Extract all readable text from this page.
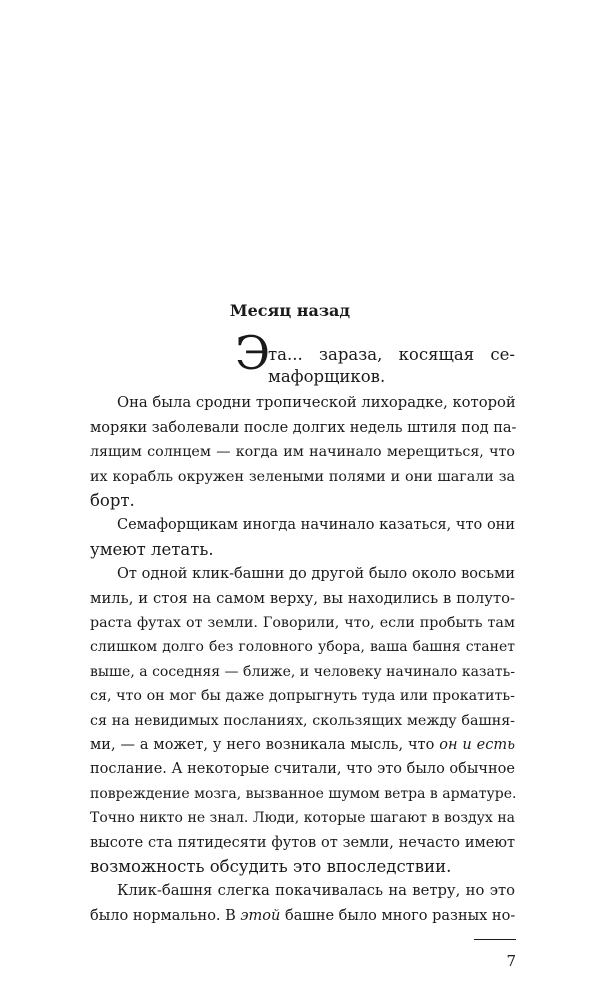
Месяц назад
Э
та... зараза, косящая се-
мафорщиков.
Она была сродни тропической лихорадке, которой
моряки заболевали после долгих недель штиля под па-
лящим солнцем — когда им начинало мерещиться, что
их корабль окружен зелеными полями и они шагали за
борт.
Семафорщикам иногда начинало казаться, что они
умеют летать.
От одной клик-башни до другой было около восьми
миль, и стоя на самом верху, вы находились в полуто-
раста футах от земли. Говорили, что, если пробыть там
слишком долго без головного убора, ваша башня станет
выше, а соседняя — ближе, и человеку начинало казать-
ся, что он мог бы даже допрыгнуть туда или прокатить-
ся на невидимых посланиях, скользящих между башня-
ми, — а может, у него возникала мысль, что он и есть
послание. А некоторые считали, что это было обычное
повреждение мозга, вызванное шумом ветра в арматуре.
Точно никто не знал. Люди, которые шагают в воздух на
высоте ста пятидесяти футов от земли, нечасто имеют
возможность обсудить это впоследствии.
Клик-башня слегка покачивалась на ветру, но это
было нормально. В этой башне было много разных но-
7
